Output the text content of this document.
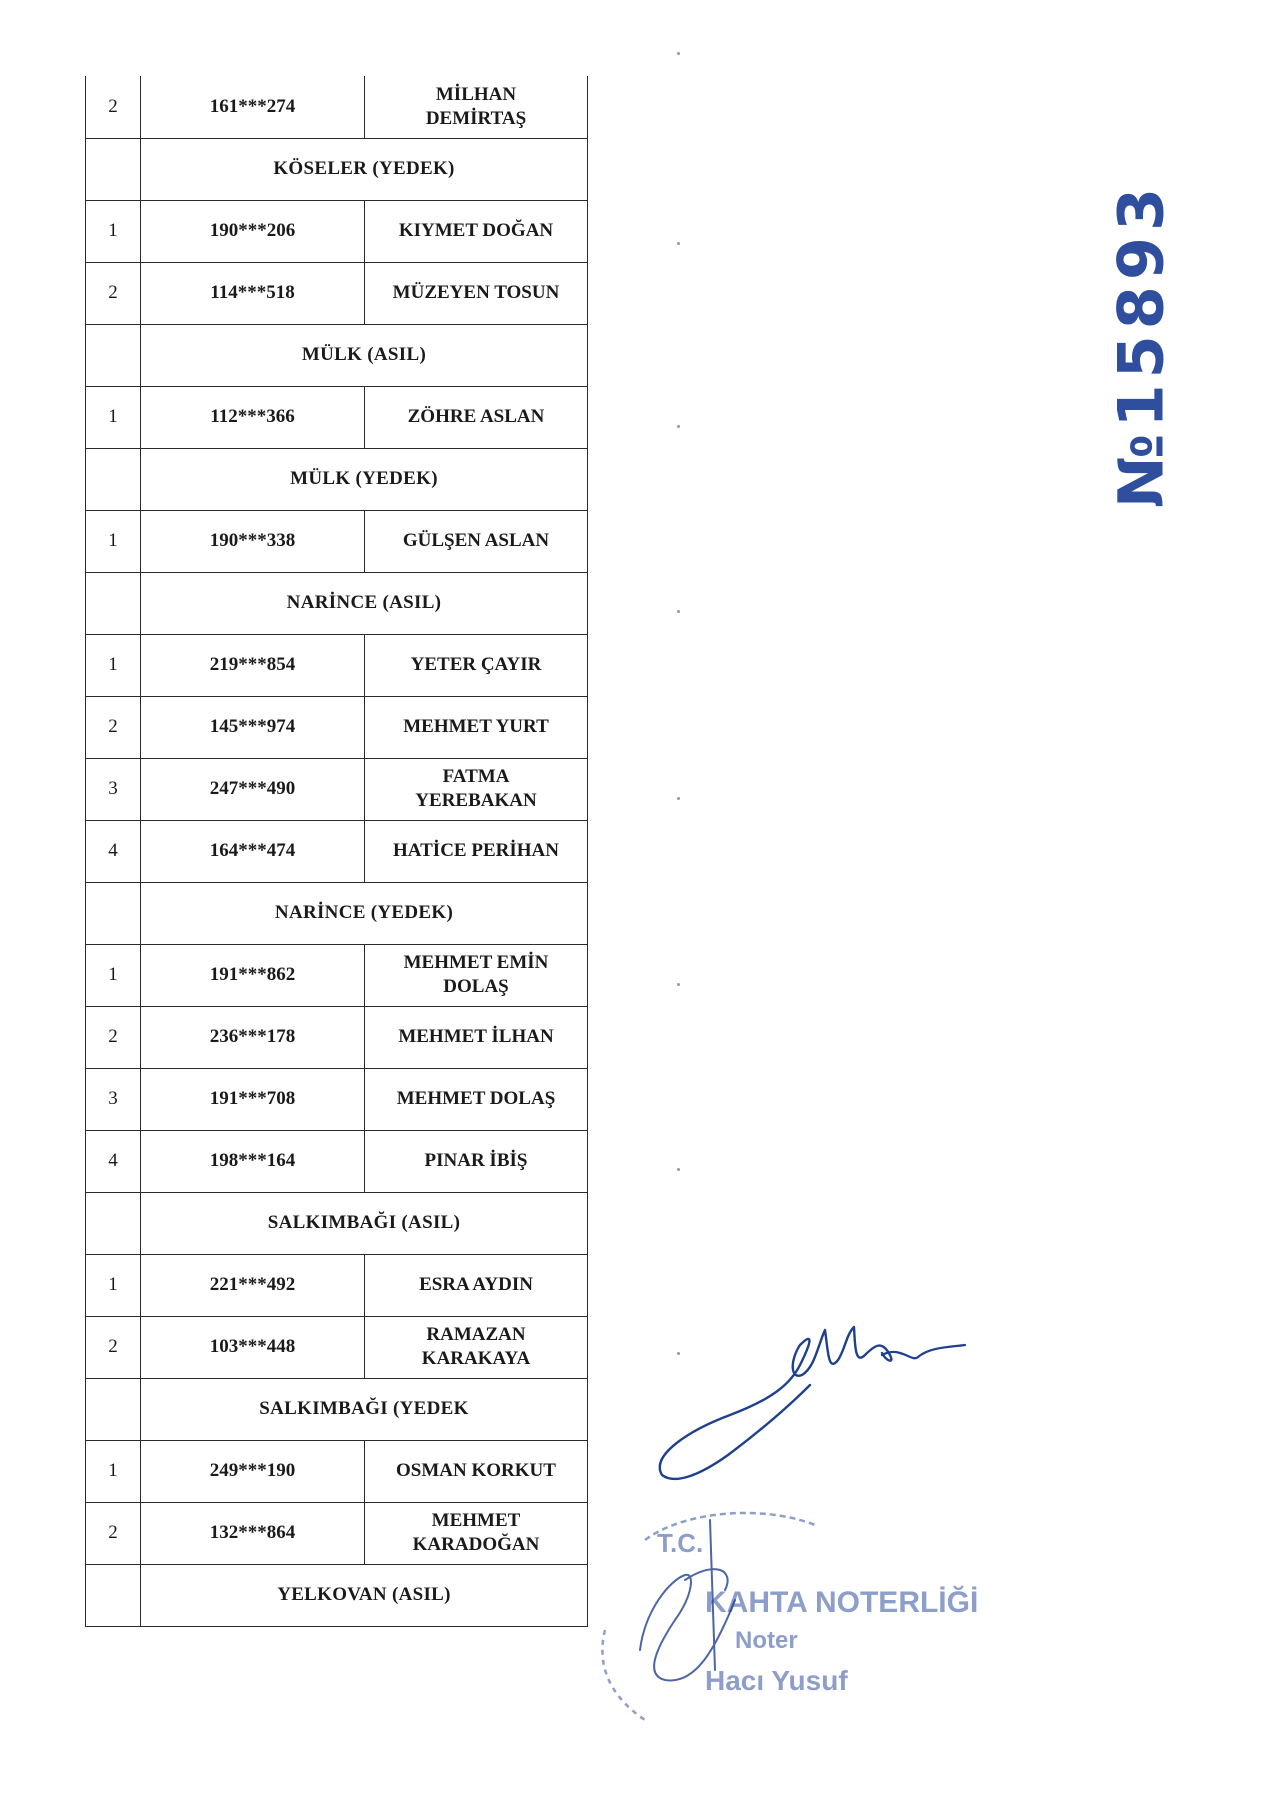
2	161***274	MİLHAN
DEMİRTAŞ

	KÖSELER (YEDEK)	
1	190***206	KIYMET DOĞAN

2	114***518	MÜZEYEN TOSUN

	MÜLK (ASIL)	
1	112***366	ZÖHRE ASLAN

	MÜLK (YEDEK)	
1	190***338	GÜLŞEN ASLAN

	NARİNCE (ASIL)	
1	219***854	YETER ÇAYIR

2	145***974	MEHMET YURT

3	247***490	FATMA
YEREBAKAN

4	164***474	HATİCE PERİHAN

	NARİNCE (YEDEK)	
1	191***862	MEHMET EMİN
DOLAŞ

2	236***178	MEHMET İLHAN

3	191***708	MEHMET DOLAŞ

4	198***164	PINAR İBİŞ

	SALKIMBAĞI (ASIL)	
1	221***492	ESRA AYDIN

2	103***448	RAMAZAN
KARAKAYA

	SALKIMBAĞI (YEDEK	
1	249***190	OSMAN KORKUT

2	132***864	MEHMET
KARADOĞAN

	YELKOVAN (ASIL)	
№15893
T.C.
KAHTA NOTERLİĞİ
Noter
Hacı Yusuf
